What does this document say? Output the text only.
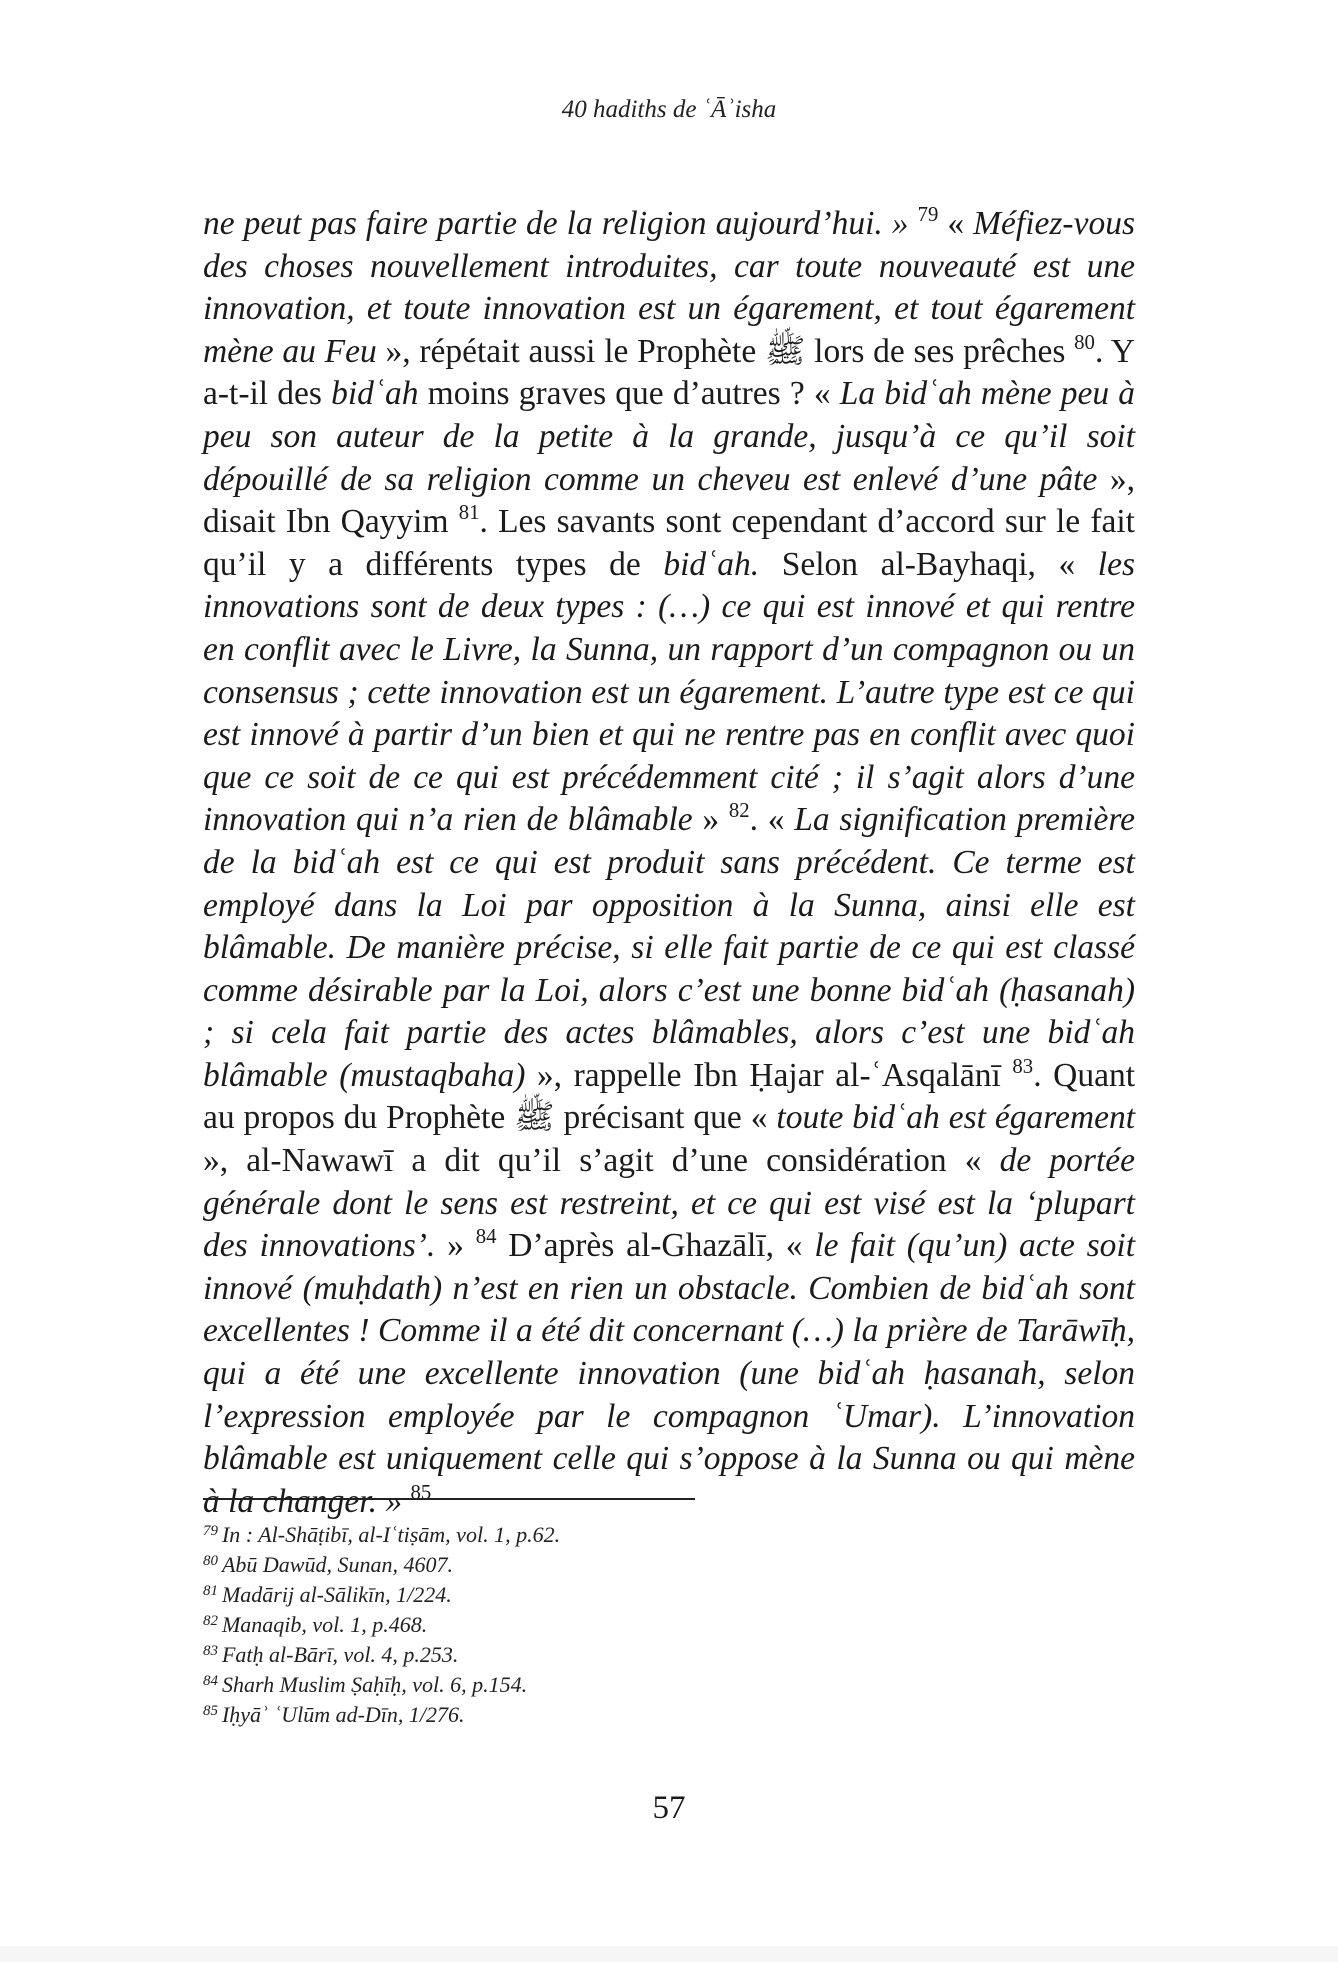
40 hadiths de ʿĀʾisha

ne peut pas faire partie de la religion aujourd’hui. » $^{79}$ « Méfiez-vous des choses nouvellement introduites, car toute nouveauté est une innovation, et toute innovation est un égarement, et tout égarement mène au Feu », répétait aussi le Prophète ﷺ lors de ses prêches $^{80}$. Y a-t-il des bidʿah moins graves que d’autres ? « La bidʿah mène peu à peu son auteur de la petite à la grande, jusqu’à ce qu’il soit dépouillé de sa religion comme un cheveu est enlevé d’une pâte », disait Ibn Qayyim $^{81}$. Les savants sont cependant d’accord sur le fait qu’il y a différents types de bidʿah. Selon al-Bayhaqi, « les innovations sont de deux types : (…) ce qui est innové et qui rentre en conflit avec le Livre, la Sunna, un rapport d’un compagnon ou un consensus ; cette innovation est un égarement. L’autre type est ce qui est innové à partir d’un bien et qui ne rentre pas en conflit avec quoi que ce soit de ce qui est précédemment cité ; il s’agit alors d’une innovation qui n’a rien de blâmable » $^{82}$. « La signification première de la bidʿah est ce qui est produit sans précédent. Ce terme est employé dans la Loi par opposition à la Sunna, ainsi elle est blâmable. De manière précise, si elle fait partie de ce qui est classé comme désirable par la Loi, alors c’est une bonne bidʿah (ḥasanah) ; si cela fait partie des actes blâmables, alors c’est une bidʿah blâmable (mustaqbaha) », rappelle Ibn Ḥajar al-ʿAsqalānī $^{83}$. Quant au propos du Prophète ﷺ précisant que « toute bidʿah est égarement », al-Nawawī a dit qu’il s’agit d’une considération « de portée générale dont le sens est restreint, et ce qui est visé est la ‘plupart des innovations’. » $^{84}$ D’après al-Ghazālī, « le fait (qu’un) acte soit innové (muḥdath) n’est en rien un obstacle. Combien de bidʿah sont excellentes ! Comme il a été dit concernant (…) la prière de Tarāwīḥ, qui a été une excellente innovation (une bidʿah ḥasanah, selon l’expression employée par le compagnon ʿUmar). L’innovation blâmable est uniquement celle qui s’oppose à la Sunna ou qui mène à la changer. » $^{85}$

$^{79}$ In : Al-Shāṭibī, al-Iʿtiṣām, vol. 1, p.62.

$^{80}$ Abū Dawūd, Sunan, 4607.

$^{81}$ Madārij al-Sālikīn, 1/224.

$^{82}$ Manaqib, vol. 1, p.468.

$^{83}$ Fatḥ al-Bārī, vol. 4, p.253.

$^{84}$ Sharh Muslim Ṣaḥīḥ, vol. 6, p.154.

$^{85}$ Iḥyāʾ ʿUlūm ad-Dīn, 1/276.

57
